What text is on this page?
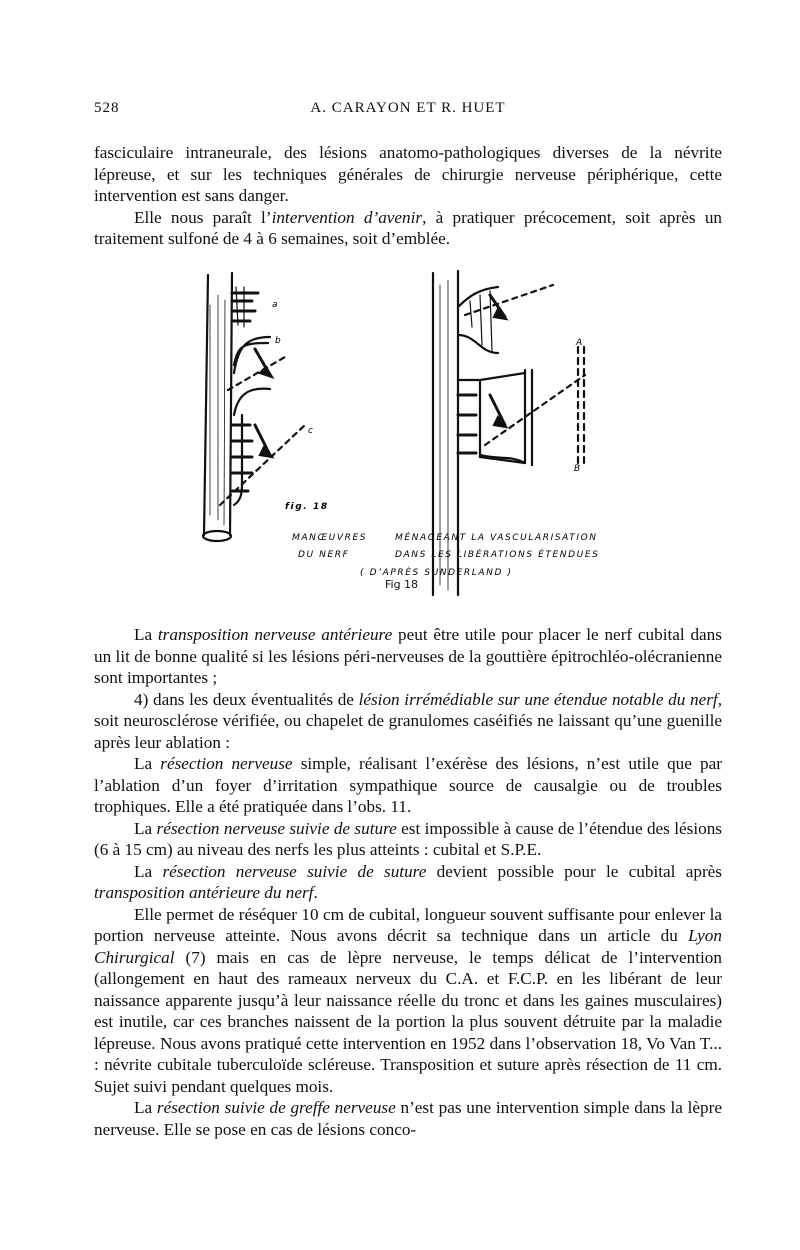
528	A. CARAYON ET R. HUET

fasciculaire intraneurale, des lésions anatomo-pathologiques diverses de la névrite lépreuse, et sur les techniques générales de chirurgie nerveuse périphérique, cette intervention est sans danger.

Elle nous paraît l’intervention d’avenir, à pratiquer précocement, soit après un traitement sulfoné de 4 à 6 semaines, soit d’emblée.

a
b
c
A
B
fig. 18
MANŒUVRES	MÉNAGEANT LA VASCULARISATION
DU NERF	DANS LES LIBÉRATIONS ÉTENDUES
( D’APRÈS SUNDERLAND )
Fig 18

La transposition nerveuse antérieure peut être utile pour placer le nerf cubital dans un lit de bonne qualité si les lésions péri-nerveuses de la gouttière épitrochléo-olécranienne sont importantes ;

4) dans les deux éventualités de lésion irrémédiable sur une étendue notable du nerf, soit neurosclérose vérifiée, ou chapelet de granulomes caséifiés ne laissant qu’une guenille après leur ablation :

La résection nerveuse simple, réalisant l’exérèse des lésions, n’est utile que par l’ablation d’un foyer d’irritation sympathique source de causalgie ou de troubles trophiques. Elle a été pratiquée dans l’obs. 11.

La résection nerveuse suivie de suture est impossible à cause de l’étendue des lésions (6 à 15 cm) au niveau des nerfs les plus atteints : cubital et S.P.E.

La résection nerveuse suivie de suture devient possible pour le cubital après transposition antérieure du nerf.

Elle permet de réséquer 10 cm de cubital, longueur souvent suffisante pour enlever la portion nerveuse atteinte. Nous avons décrit sa technique dans un article du Lyon Chirurgical (7) mais en cas de lèpre nerveuse, le temps délicat de l’intervention (allongement en haut des rameaux nerveux du C.A. et F.C.P. en les libérant de leur naissance apparente jusqu’à leur naissance réelle du tronc et dans les gaines musculaires) est inutile, car ces branches naissent de la portion la plus souvent détruite par la maladie lépreuse. Nous avons pratiqué cette intervention en 1952 dans l’observation 18, Vo Van T... : névrite cubitale tuberculoïde scléreuse. Transposition et suture après résection de 11 cm. Sujet suivi pendant quelques mois.

La résection suivie de greffe nerveuse n’est pas une intervention simple dans la lèpre nerveuse. Elle se pose en cas de lésions conco-
